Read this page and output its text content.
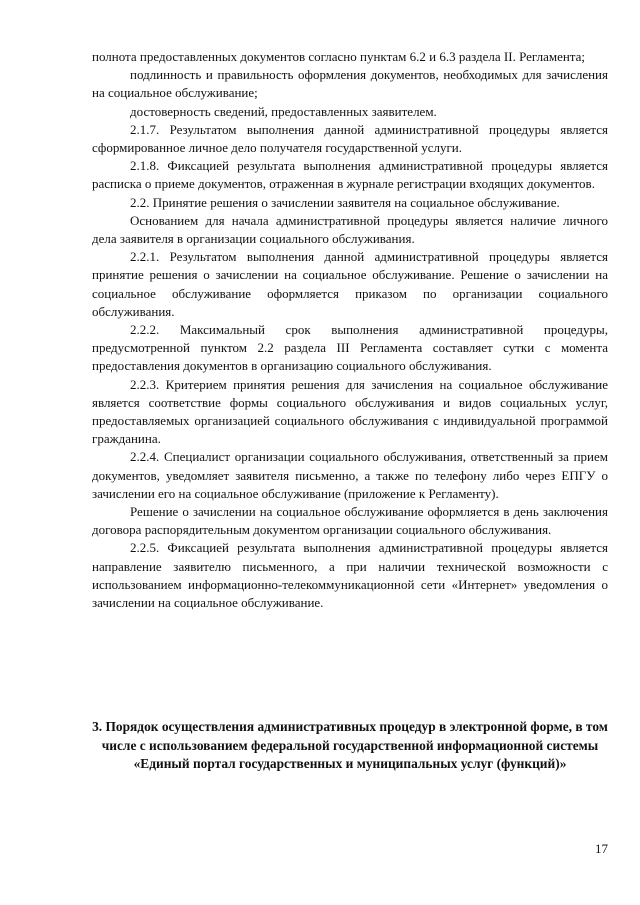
полнота предоставленных документов согласно пунктам 6.2 и 6.3 раздела II. Регламента;

подлинность и правильность оформления документов, необходимых для зачисления на социальное обслуживание;

достоверность сведений, предоставленных заявителем.

2.1.7. Результатом выполнения данной административной процедуры является сформированное личное дело получателя государственной услуги.

2.1.8. Фиксацией результата выполнения административной процедуры является расписка о приеме документов, отраженная в журнале регистрации входящих документов.

2.2. Принятие решения о зачислении заявителя на социальное обслуживание.

Основанием для начала административной процедуры является наличие личного дела заявителя в организации социального обслуживания.

2.2.1. Результатом выполнения данной административной процедуры является принятие решения о зачислении на социальное обслуживание. Решение о зачислении на социальное обслуживание оформляется приказом по организации социального обслуживания.

2.2.2. Максимальный срок выполнения административной процедуры, предусмотренной пунктом 2.2 раздела III Регламента составляет сутки с момента предоставления документов в организацию социального обслуживания.

2.2.3. Критерием принятия решения для зачисления на социальное обслуживание является соответствие формы социального обслуживания и видов социальных услуг, предоставляемых организацией социального обслуживания с индивидуальной программой гражданина.

2.2.4. Специалист организации социального обслуживания, ответственный за прием документов, уведомляет заявителя письменно, а также по телефону либо через ЕПГУ о зачислении его на социальное обслуживание (приложение к Регламенту).

Решение о зачислении на социальное обслуживание оформляется в день заключения договора распорядительным документом организации социального обслуживания.

2.2.5. Фиксацией результата выполнения административной процедуры является направление заявителю письменного, а при наличии технической возможности с использованием информационно-телекоммуникационной сети «Интернет» уведомления о зачислении на социальное обслуживание.

3. Порядок осуществления административных процедур в электронной форме, в том числе с использованием федеральной государственной информационной системы «Единый портал государственных и муниципальных услуг (функций)»
17
